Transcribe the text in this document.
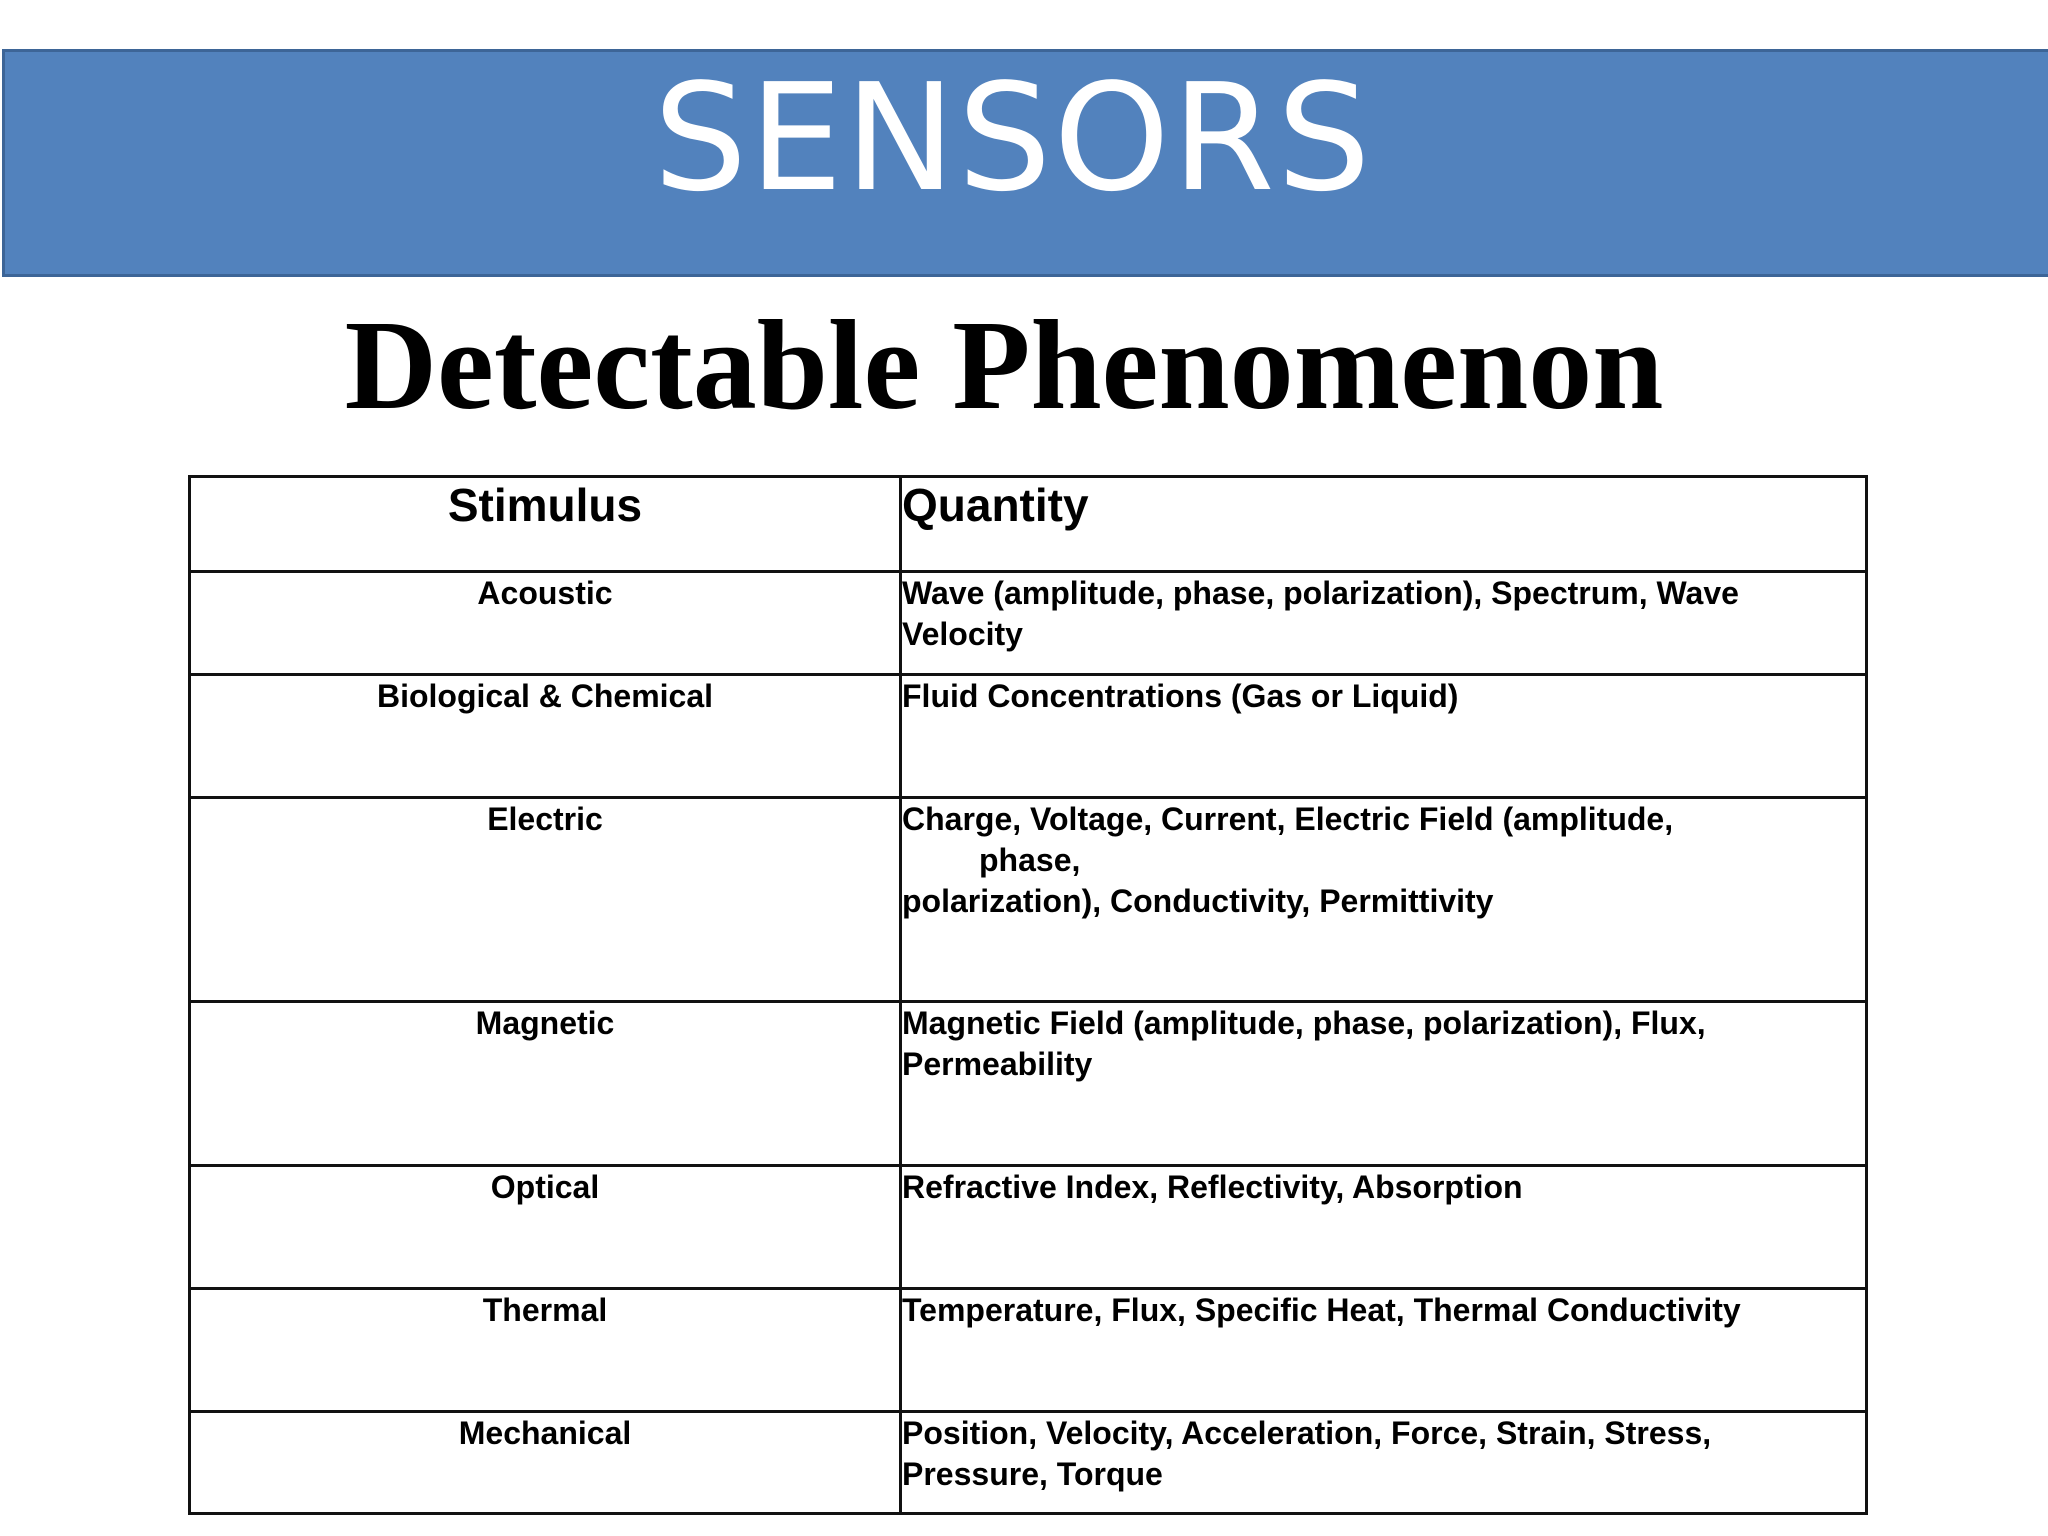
SENSORS
Detectable Phenomenon
Stimulus	Quantity
Acoustic	Wave (amplitude, phase, polarization), Spectrum, Wave
Velocity

Biological & Chemical	Fluid Concentrations (Gas or Liquid)

Electric	Charge, Voltage, Current, Electric Field (amplitude,
phase,
polarization), Conductivity, Permittivity

Magnetic	Magnetic Field (amplitude, phase, polarization), Flux,
Permeability

Optical	Refractive Index, Reflectivity, Absorption

Thermal	Temperature, Flux, Specific Heat, Thermal Conductivity

Mechanical	Position, Velocity, Acceleration, Force, Strain, Stress,
Pressure, Torque
